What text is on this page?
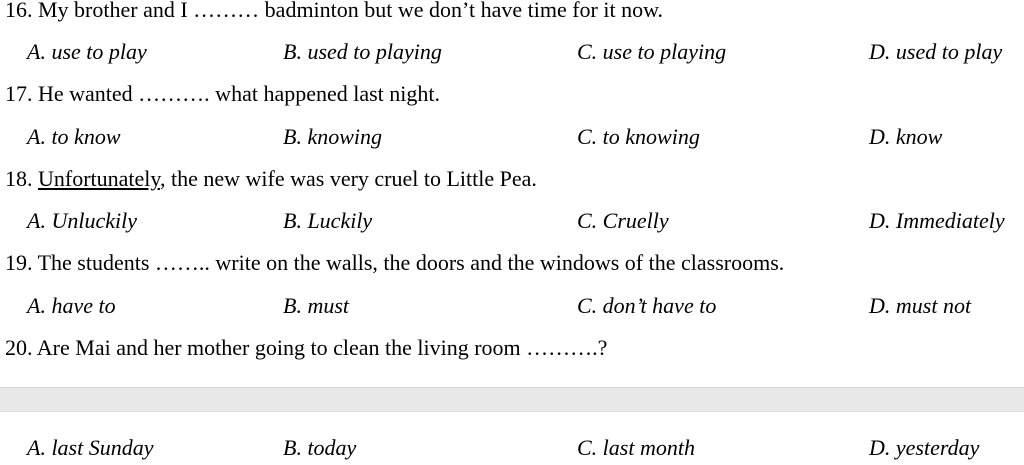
16. My brother and I ……… badminton but we don’t have time for it now.
A. use to play	B. used to playing	C. use to playing	D. used to play
17. He wanted ………. what happened last night.
A. to know	B. knowing	C. to knowing	D. know
18. Unfortunately, the new wife was very cruel to Little Pea.
A. Unluckily	B. Luckily	C. Cruelly	D. Immediately
19. The students …….. write on the walls, the doors and the windows of the classrooms.
A. have to	B. must	C. don’t have to	D. must not
20. Are Mai and her mother going to clean the living room ……….?
A. last Sunday	B. today	C. last month	D. yesterday
